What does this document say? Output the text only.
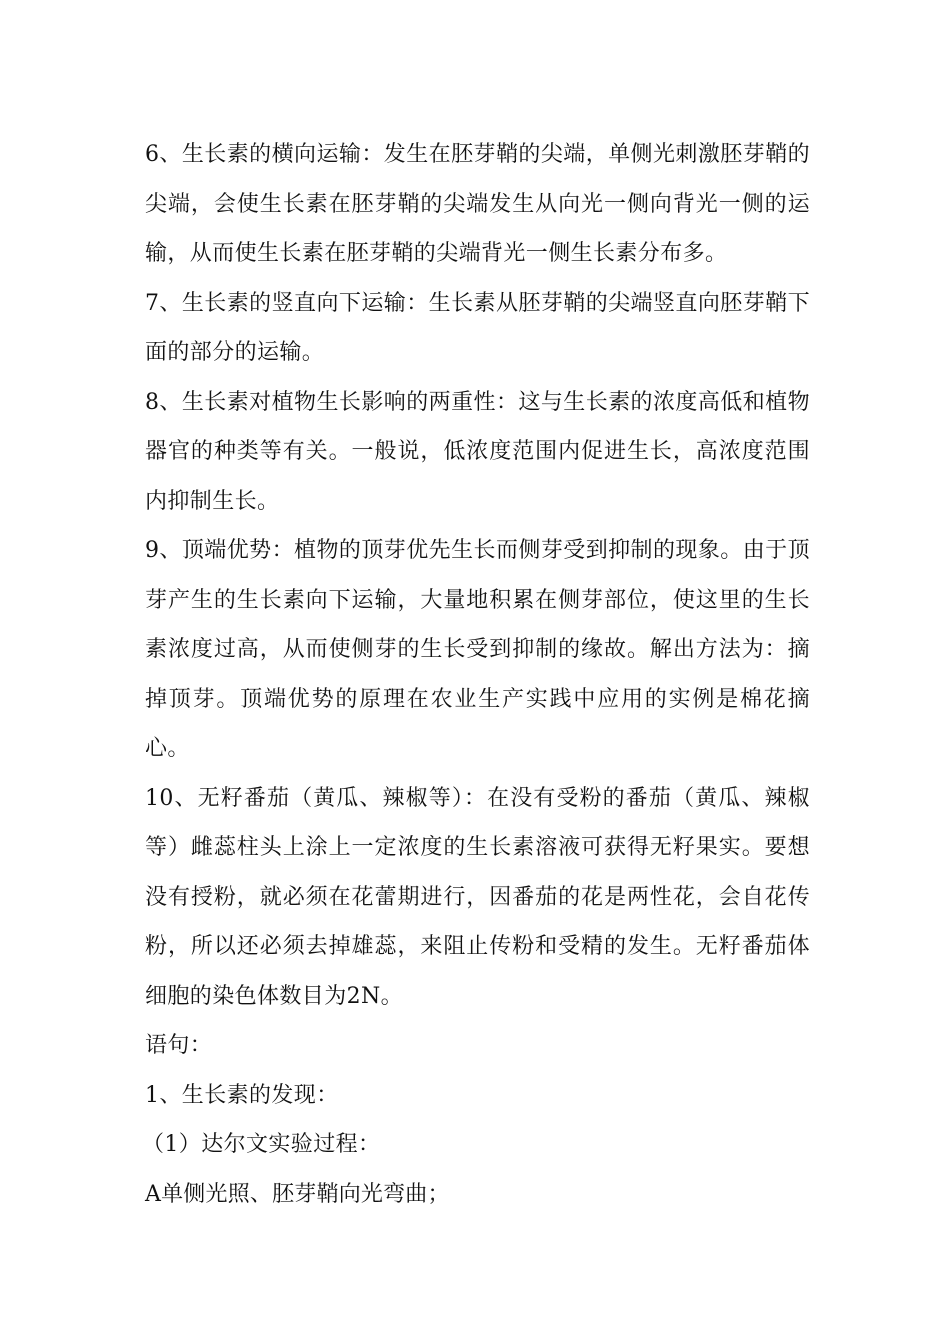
6、生长素的横向运输：发生在胚芽鞘的尖端，单侧光刺激胚芽鞘的尖端，会使生长素在胚芽鞘的尖端发生从向光一侧向背光一侧的运输，从而使生长素在胚芽鞘的尖端背光一侧生长素分布多。

7、生长素的竖直向下运输：生长素从胚芽鞘的尖端竖直向胚芽鞘下面的部分的运输。

8、生长素对植物生长影响的两重性：这与生长素的浓度高低和植物器官的种类等有关。一般说，低浓度范围内促进生长，高浓度范围内抑制生长。

9、顶端优势：植物的顶芽优先生长而侧芽受到抑制的现象。由于顶芽产生的生长素向下运输，大量地积累在侧芽部位，使这里的生长素浓度过高，从而使侧芽的生长受到抑制的缘故。解出方法为：摘掉顶芽。顶端优势的原理在农业生产实践中应用的实例是棉花摘心。

10、无籽番茄（黄瓜、辣椒等）：在没有受粉的番茄（黄瓜、辣椒等）雌蕊柱头上涂上一定浓度的生长素溶液可获得无籽果实。要想没有授粉，就必须在花蕾期进行，因番茄的花是两性花，会自花传粉，所以还必须去掉雄蕊，来阻止传粉和受精的发生。无籽番茄体细胞的染色体数目为2N。

语句：

1、生长素的发现：

（1）达尔文实验过程：

A单侧光照、胚芽鞘向光弯曲；
